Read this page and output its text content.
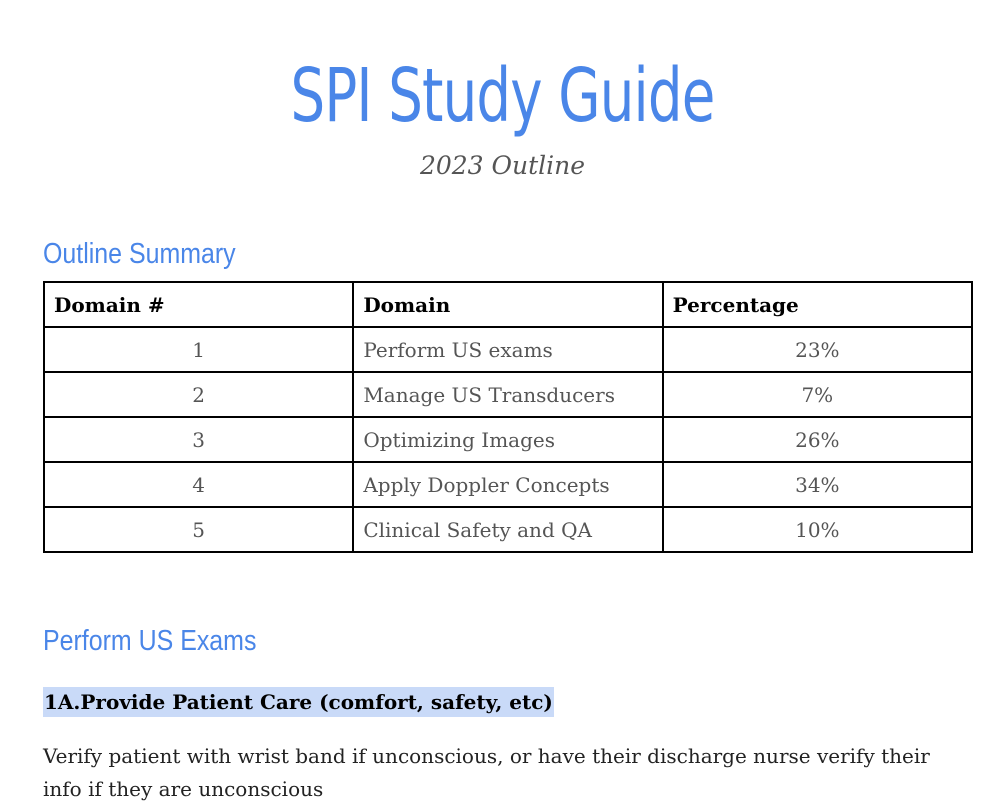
SPI Study Guide
2023 Outline
Outline Summary
Domain #	Domain	Percentage
1	Perform US exams	23%
2	Manage US Transducers	7%
3	Optimizing Images	26%
4	Apply Doppler Concepts	34%
5	Clinical Safety and QA	10%
Perform US Exams
1A.Provide Patient Care (comfort, safety, etc)
Verify patient with wrist band if unconscious, or have their discharge nurse verify their info if they are unconscious
